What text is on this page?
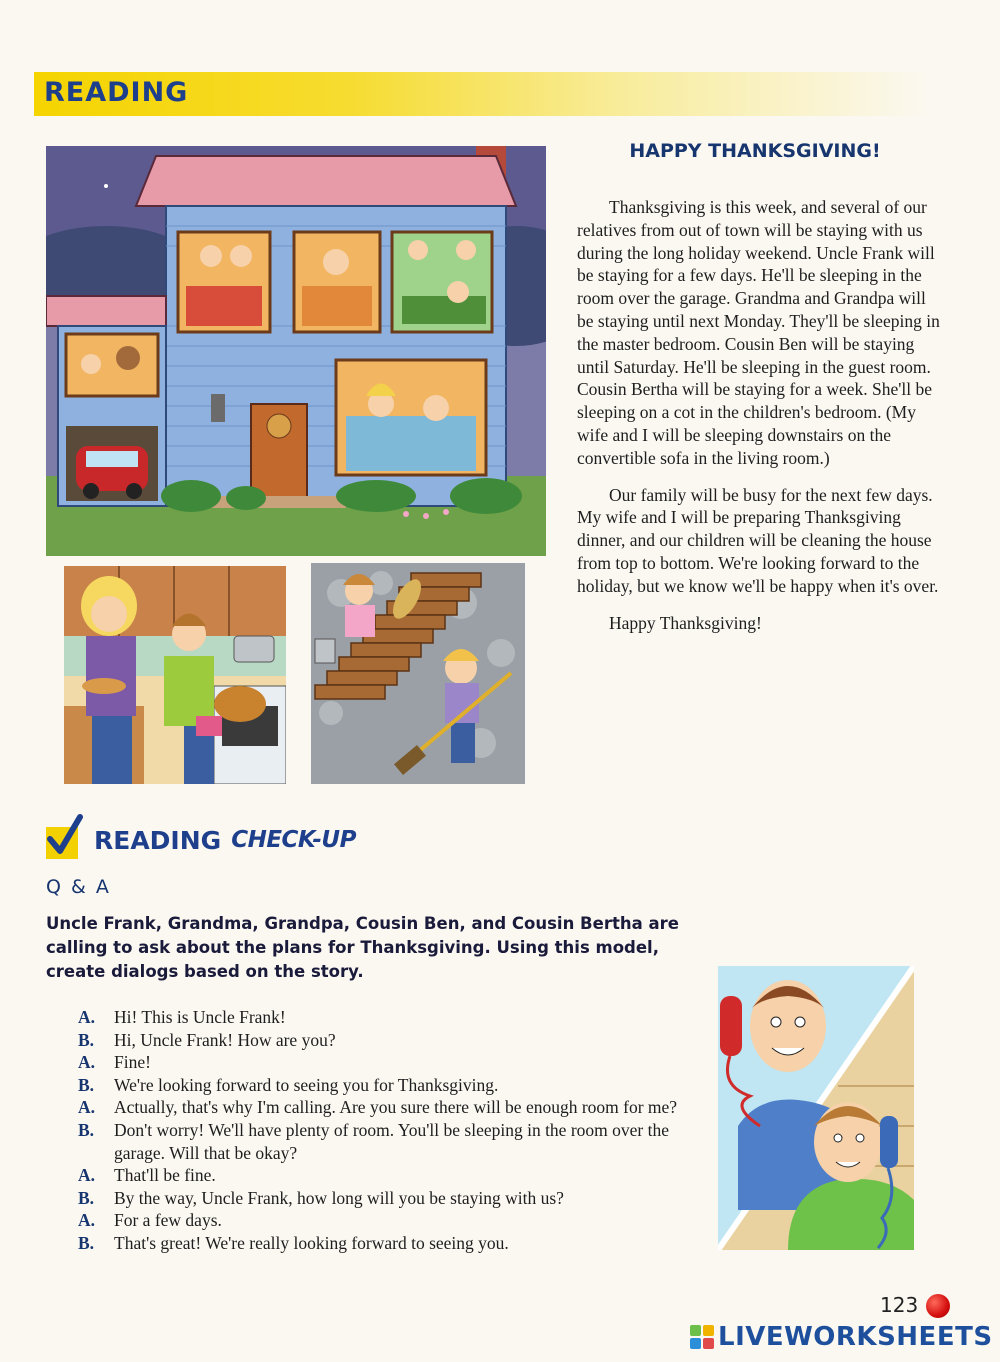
READING
HAPPY THANKSGIVING!

Thanksgiving is this week, and several of our relatives from out of town will be staying with us during the long holiday weekend. Uncle Frank will be staying for a few days. He'll be sleeping in the room over the garage. Grandma and Grandpa will be staying until next Monday. They'll be sleeping in the master bedroom. Cousin Ben will be staying until Saturday. He'll be sleeping in the guest room. Cousin Bertha will be staying for a week. She'll be sleeping on a cot in the children's bedroom. (My wife and I will be sleeping downstairs on the convertible sofa in the living room.)

Our family will be busy for the next few days. My wife and I will be preparing Thanksgiving dinner, and our children will be cleaning the house from top to bottom. We're looking forward to the holiday, but we know we'll be happy when it's over.

Happy Thanksgiving!

READING CHECK-UP
Q & A
Uncle Frank, Grandma, Grandpa, Cousin Ben, and Cousin Bertha are calling to ask about the plans for Thanksgiving. Using this model, create dialogs based on the story.
A.	Hi! This is Uncle Frank!
B.	Hi, Uncle Frank! How are you?
A.	Fine!
B.	We're looking forward to seeing you for Thanksgiving.
A.	Actually, that's why I'm calling. Are you sure there will be enough room for me?
B.	Don't worry! We'll have plenty of room. You'll be sleeping in the room over the garage. Will that be okay?
A.	That'll be fine.
B.	By the way, Uncle Frank, how long will you be staying with us?
A.	For a few days.
B.	That's great! We're really looking forward to seeing you.
123
LIVEWORKSHEETS
